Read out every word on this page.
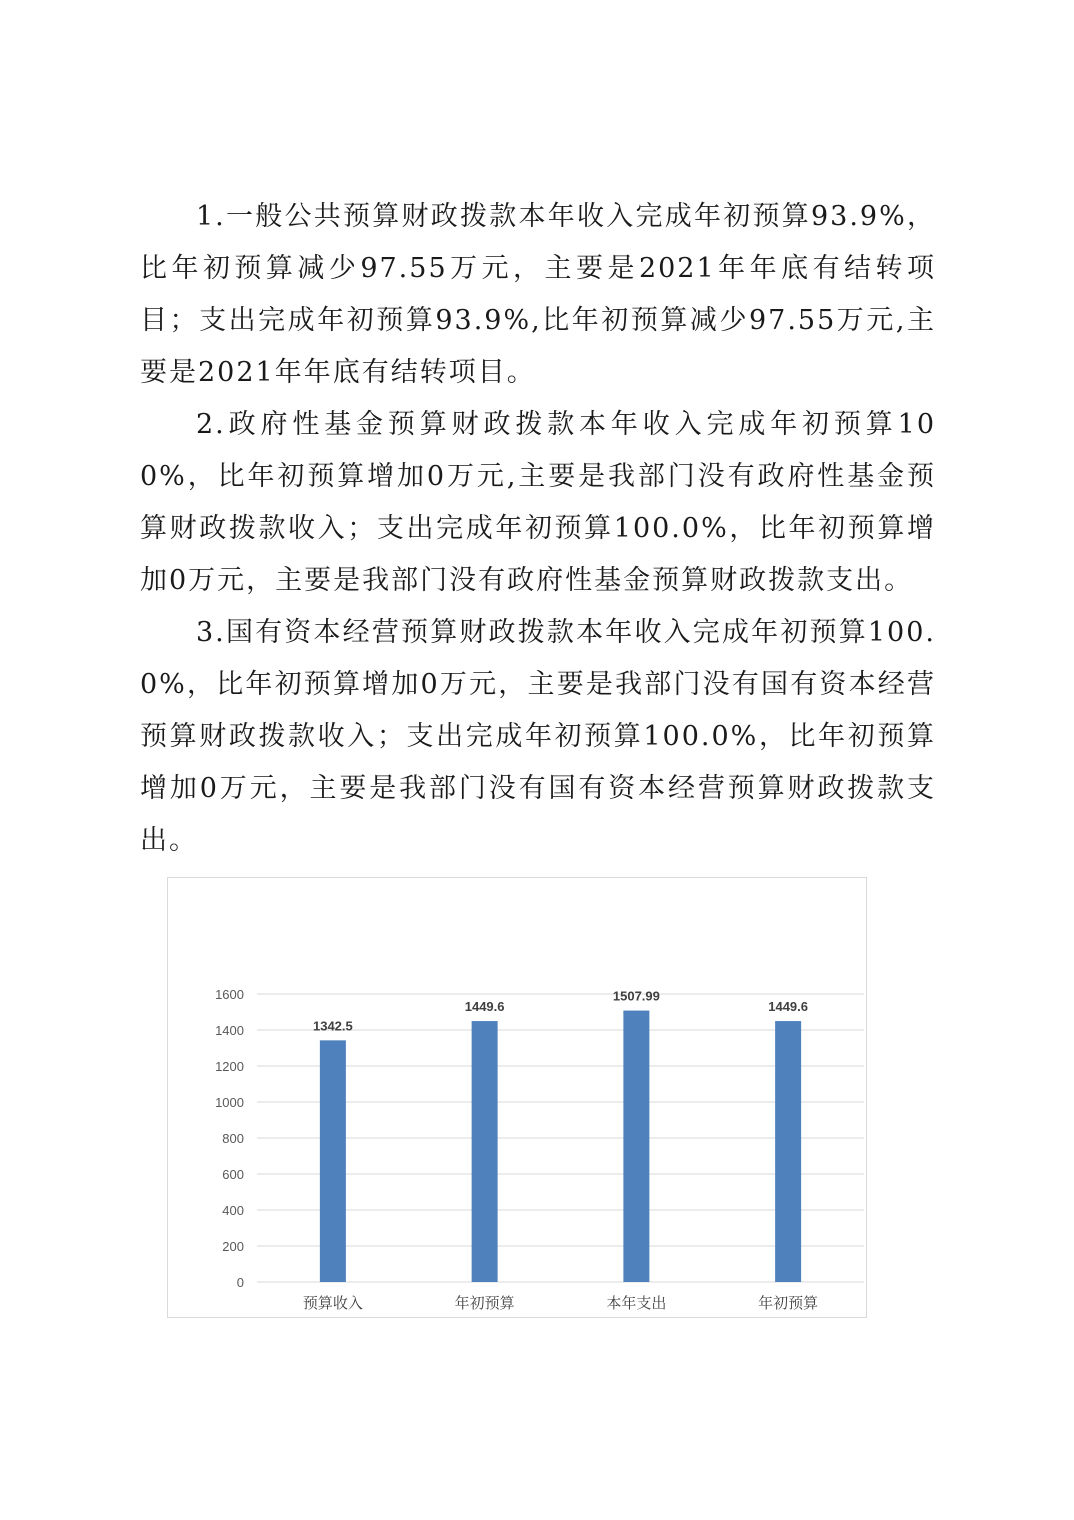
1.一般公共预算财政拨款本年收入完成年初预算93.9%，比年初预算减少97.55万元，主要是2021年年底有结转项目；支出完成年初预算93.9%,比年初预算减少97.55万元,主要是2021年年底有结转项目。

2.政府性基金预算财政拨款本年收入完成年初预算100%，比年初预算增加0万元,主要是我部门没有政府性基金预算财政拨款收入；支出完成年初预算100.0%，比年初预算增加0万元，主要是我部门没有政府性基金预算财政拨款支出。

3.国有资本经营预算财政拨款本年收入完成年初预算100.0%，比年初预算增加0万元，主要是我部门没有国有资本经营预算财政拨款收入；支出完成年初预算100.0%，比年初预算增加0万元，主要是我部门没有国有资本经营预算财政拨款支出。

0
200
400
600
800
1000
1200
1400
1600
1342.5
预算收入
1449.6
年初预算
1507.99
本年支出
1449.6
年初预算
